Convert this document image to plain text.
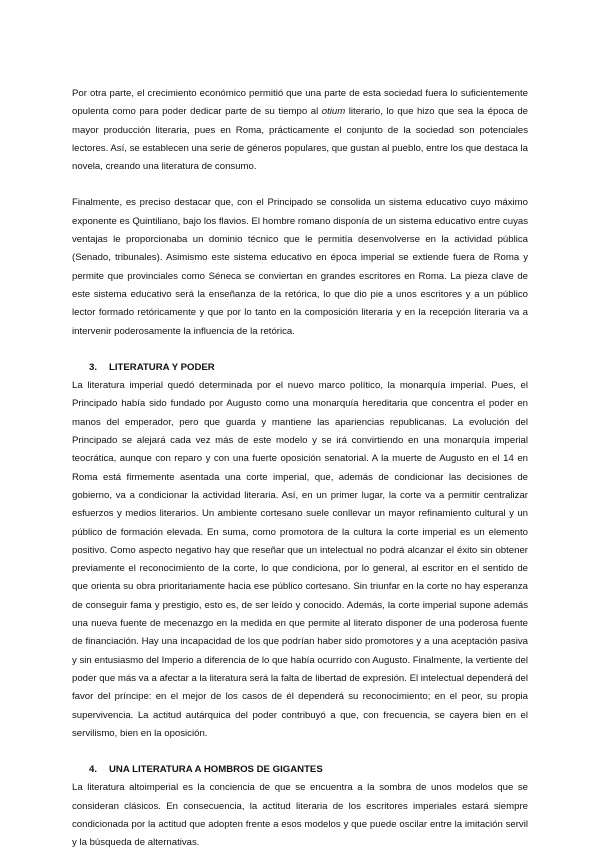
Por otra parte, el crecimiento económico permitió que una parte de esta sociedad fuera lo suficientemente opulenta como para poder dedicar parte de su tiempo al otium literario, lo que hizo que sea la época de mayor producción literaria, pues en Roma, prácticamente el conjunto de la sociedad son potenciales lectores. Así, se establecen una serie de géneros populares, que gustan al pueblo, entre los que destaca la novela, creando una literatura de consumo.

Finalmente, es preciso destacar que, con el Principado se consolida un sistema educativo cuyo máximo exponente es Quintiliano, bajo los flavios. El hombre romano disponía de un sistema educativo entre cuyas ventajas le proporcionaba un dominio técnico que le permitía desenvolverse en la actividad pública (Senado, tribunales). Asimismo este sistema educativo en época imperial se extiende fuera de Roma y permite que provinciales como Séneca se conviertan en grandes escritores en Roma. La pieza clave de este sistema educativo será la enseñanza de la retórica, lo que dio pie a unos escritores y a un público lector formado retóricamente y que por lo tanto en la composición literaria y en la recepción literaria va a intervenir poderosamente la influencia de la retórica.

3. LITERATURA Y PODER

La literatura imperial quedó determinada por el nuevo marco político, la monarquía imperial. Pues, el Principado había sido fundado por Augusto como una monarquía hereditaria que concentra el poder en manos del emperador, pero que guarda y mantiene las apariencias republicanas. La evolución del Principado se alejará cada vez más de este modelo y se irá convirtiendo en una monarquía imperial teocrática, aunque con reparo y con una fuerte oposición senatorial. A la muerte de Augusto en el 14 en Roma está firmemente asentada una corte imperial, que, además de condicionar las decisiones de gobierno, va a condicionar la actividad literaria. Así, en un primer lugar, la corte va a permitir centralizar esfuerzos y medios literarios. Un ambiente cortesano suele conllevar un mayor refinamiento cultural y un público de formación elevada. En suma, como promotora de la cultura la corte imperial es un elemento positivo. Como aspecto negativo hay que reseñar que un intelectual no podrá alcanzar el éxito sin obtener previamente el reconocimiento de la corte, lo que condiciona, por lo general, al escritor en el sentido de que orienta su obra prioritariamente hacia ese público cortesano. Sin triunfar en la corte no hay esperanza de conseguir fama y prestigio, esto es, de ser leído y conocido. Además, la corte imperial supone además una nueva fuente de mecenazgo en la medida en que permite al literato disponer de una poderosa fuente de financiación. Hay una incapacidad de los que podrían haber sido promotores y a una aceptación pasiva y sin entusiasmo del Imperio a diferencia de lo que había ocurrido con Augusto. Finalmente, la vertiente del poder que más va a afectar a la literatura será la falta de libertad de expresión. El intelectual dependerá del favor del príncipe: en el mejor de los casos de él dependerá su reconocimiento; en el peor, su propia supervivencia. La actitud autárquica del poder contribuyó a que, con frecuencia, se cayera bien en el servilismo, bien en la oposición.

4. UNA LITERATURA A HOMBROS DE GIGANTES

La literatura altoimperial es la conciencia de que se encuentra a la sombra de unos modelos que se consideran clásicos. En consecuencia, la actitud literaria de los escritores imperiales estará siempre condicionada por la actitud que adopten frente a esos modelos y que puede oscilar entre la imitación servil y la búsqueda de alternativas.
